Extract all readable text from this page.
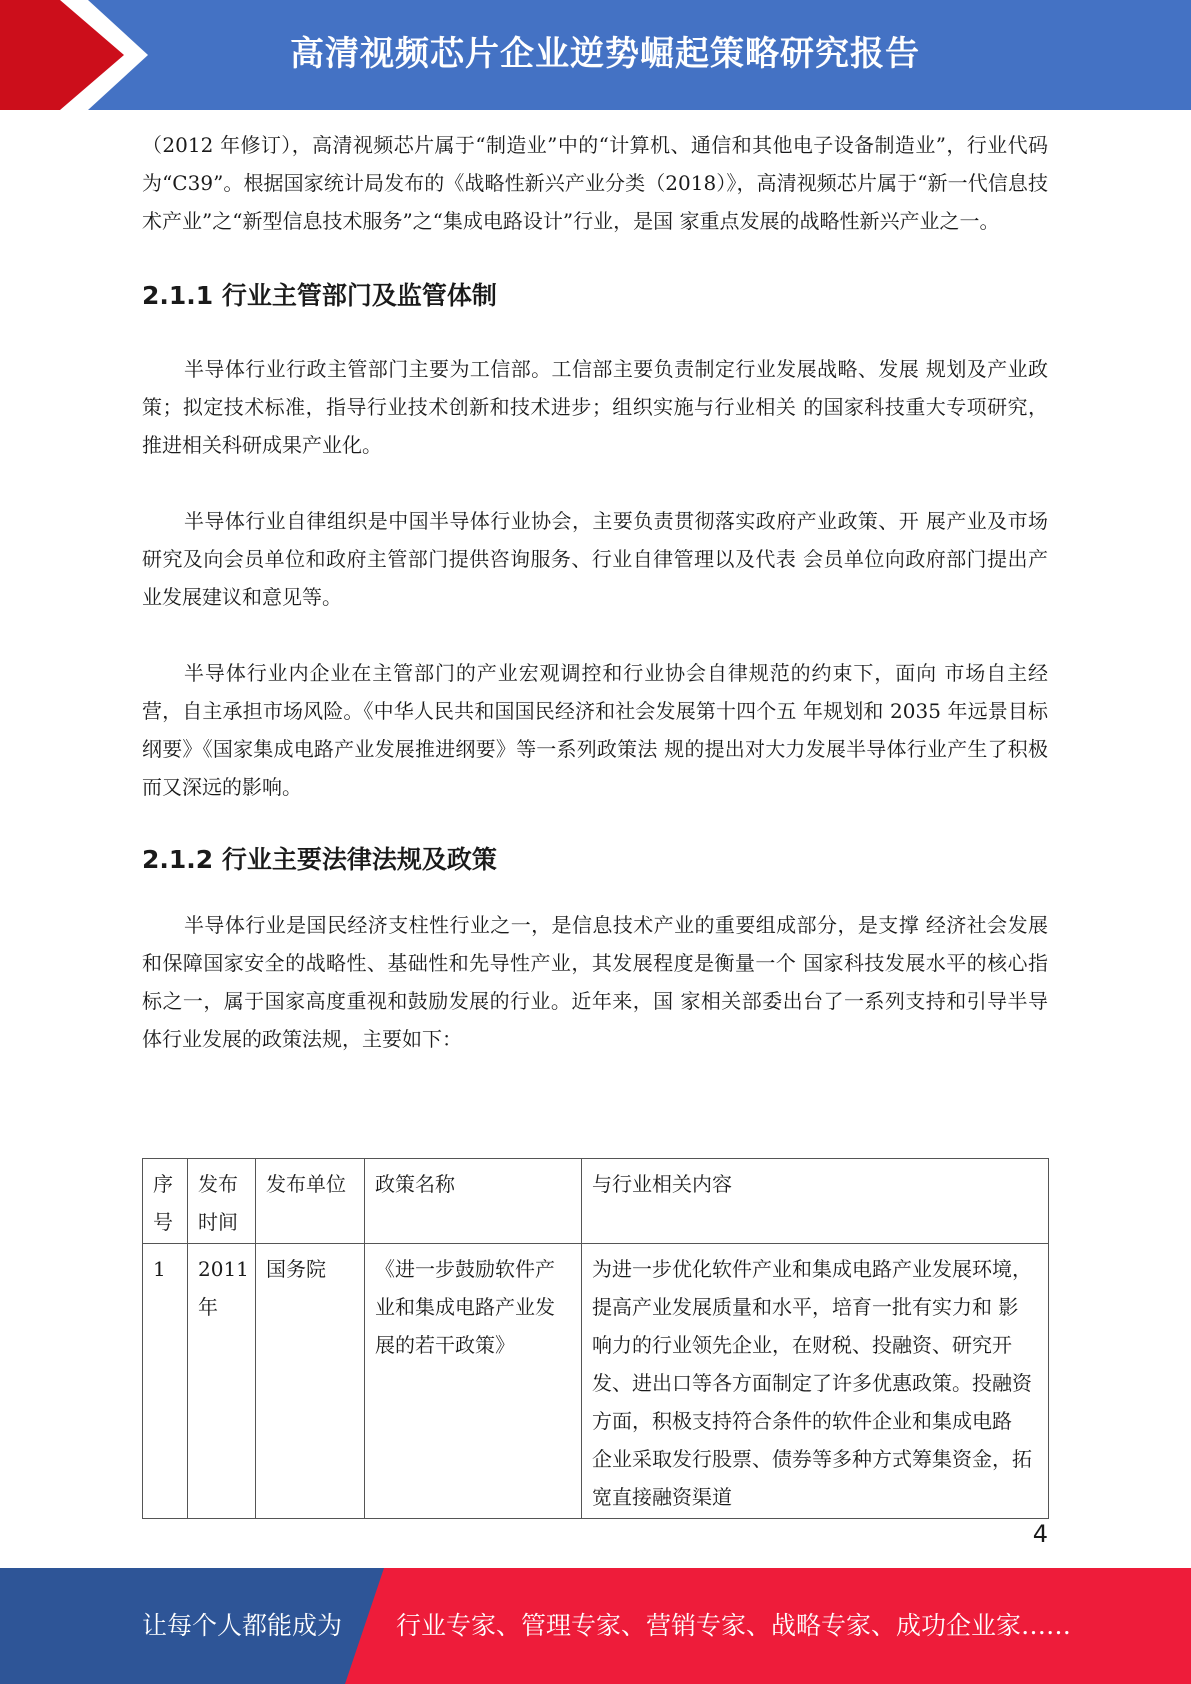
高清视频芯片企业逆势崛起策略研究报告

（2012 年修订），高清视频芯片属于“制造业”中的“计算机、通信和其他电子设备制造业”，行业代码为“C39”。根据国家统计局发布的《战略性新兴产业分类（2018）》，高清视频芯片属于“新一代信息技术产业”之“新型信息技术服务”之“集成电路设计”行业，是国 家重点发展的战略性新兴产业之一。

2.1.1 行业主管部门及监管体制

半导体行业行政主管部门主要为工信部。工信部主要负责制定行业发展战略、发展 规划及产业政策；拟定技术标准，指导行业技术创新和技术进步；组织实施与行业相关 的国家科技重大专项研究，推进相关科研成果产业化。

半导体行业自律组织是中国半导体行业协会，主要负责贯彻落实政府产业政策、开 展产业及市场研究及向会员单位和政府主管部门提供咨询服务、行业自律管理以及代表 会员单位向政府部门提出产业发展建议和意见等。

半导体行业内企业在主管部门的产业宏观调控和行业协会自律规范的约束下，面向 市场自主经营，自主承担市场风险。《中华人民共和国国民经济和社会发展第十四个五 年规划和 2035 年远景目标纲要》《国家集成电路产业发展推进纲要》等一系列政策法 规的提出对大力发展半导体行业产生了积极而又深远的影响。

2.1.2 行业主要法律法规及政策

半导体行业是国民经济支柱性行业之一，是信息技术产业的重要组成部分，是支撑 经济社会发展和保障国家安全的战略性、基础性和先导性产业，其发展程度是衡量一个 国家科技发展水平的核心指标之一，属于国家高度重视和鼓励发展的行业。近年来，国 家相关部委出台了一系列支持和引导半导体行业发展的政策法规，主要如下：

序号	发布时间	发布单位	政策名称	与行业相关内容
1	2011 年	国务院	《进一步鼓励软件产业和集成电路产业发展的若干政策》	为进一步优化软件产业和集成电路产业发展环境，提高产业发展质量和水平，培育一批有实力和 影响力的行业领先企业，在财税、投融资、研究开 发、进出口等各方面制定了许多优惠政策。投融资 方面，积极支持符合条件的软件企业和集成电路 企业采取发行股票、债券等多种方式筹集资金，拓 宽直接融资渠道
4
让每个人都能成为 行业专家、管理专家、营销专家、战略专家、成功企业家……
